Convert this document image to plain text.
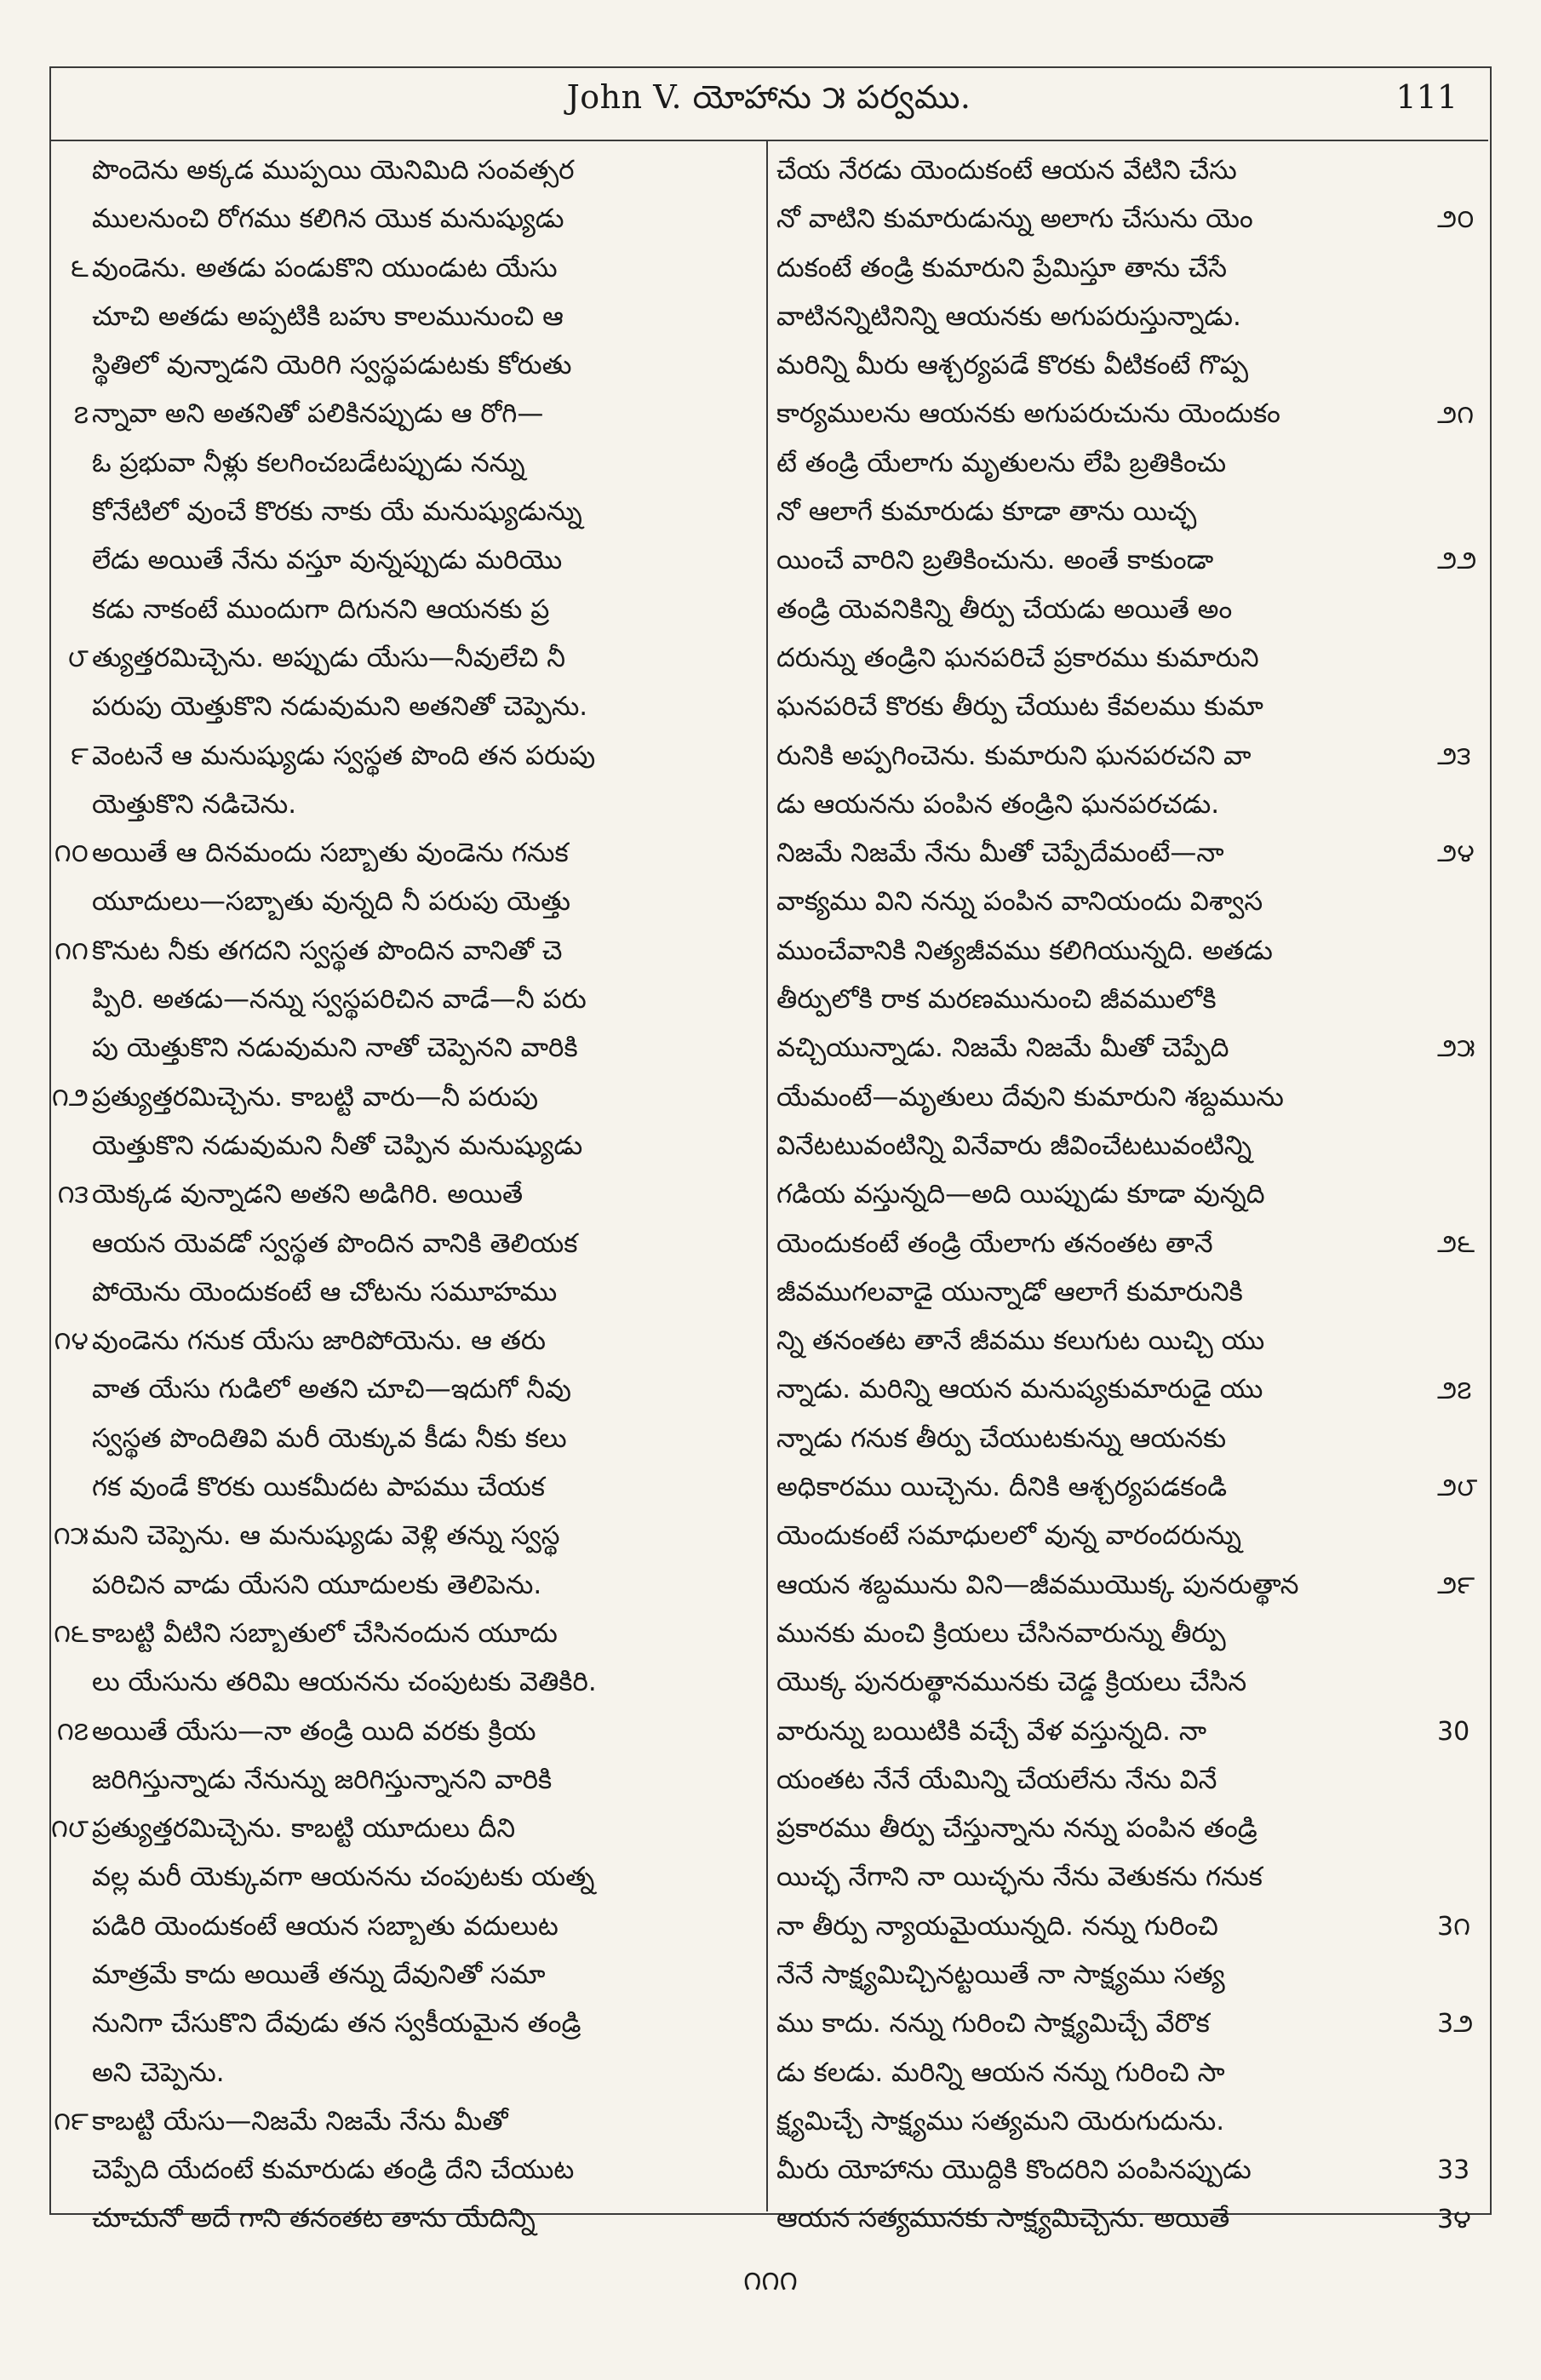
John V. యోహాను ౫ పర్వము.	111
పొందెను అక్కడ ముప్పయి యెనిమిది సంవత్సర
ములనుంచి రోగము కలిగిన యొక మనుష్యుడు
వుండెను. అతడు పండుకొని యుండుట యేసు
చూచి అతడు అప్పటికి బహు కాలమునుంచి ఆ
స్థితిలో వున్నాడని యెరిగి స్వస్థపడుటకు కోరుతు
న్నావా అని అతనితో పలికినప్పుడు ఆ రోగి—
ఓ ప్రభువా నీళ్లు కలగించబడేటప్పుడు నన్ను
కోనేటిలో వుంచే కొరకు నాకు యే మనుష్యుడున్ను
లేడు అయితే నేను వస్తూ వున్నప్పుడు మరియొ
కడు నాకంటే ముందుగా దిగునని ఆయనకు ప్ర
త్యుత్తరమిచ్చెను. అప్పుడు యేసు—నీవులేచి నీ
పరుపు యెత్తుకొని నడువుమని అతనితో చెప్పెను.
వెంటనే ఆ మనుష్యుడు స్వస్థత పొంది తన పరుపు
యెత్తుకొని నడిచెను.
అయితే ఆ దినమందు సబ్బాతు వుండెను గనుక
యూదులు—సబ్బాతు వున్నది నీ పరుపు యెత్తు
కొనుట నీకు తగదని స్వస్థత పొందిన వానితో చె
ప్పిరి. అతడు—నన్ను స్వస్థపరిచిన వాడే—నీ పరు
పు యెత్తుకొని నడువుమని నాతో చెప్పెనని వారికి
ప్రత్యుత్తరమిచ్చెను. కాబట్టి వారు—నీ పరుపు
యెత్తుకొని నడువుమని నీతో చెప్పిన మనుష్యుడు
యెక్కడ వున్నాడని అతని అడిగిరి. అయితే
ఆయన యెవడో స్వస్థత పొందిన వానికి తెలియక
పోయెను యెందుకంటే ఆ చోటను సమూహము
వుండెను గనుక యేసు జారిపోయెను. ఆ తరు
వాత యేసు గుడిలో అతని చూచి—ఇదుగో నీవు
స్వస్థత పొందితివి మరీ యెక్కువ కీడు నీకు కలు
గక వుండే కొరకు యికమీదట పాపము చేయక
మని చెప్పెను. ఆ మనుష్యుడు వెళ్లి తన్ను స్వస్థ
పరిచిన వాడు యేసని యూదులకు తెలిపెను.
కాబట్టి వీటిని సబ్బాతులో చేసినందున యూదు
లు యేసును తరిమి ఆయనను చంపుటకు వెతికిరి.
అయితే యేసు—నా తండ్రి యిది వరకు క్రియ
జరిగిస్తున్నాడు నేనున్ను జరిగిస్తున్నానని వారికి
ప్రత్యుత్తరమిచ్చెను. కాబట్టి యూదులు దీని
వల్ల మరీ యెక్కువగా ఆయనను చంపుటకు యత్న
పడిరి యెందుకంటే ఆయన సబ్బాతు వదులుట
మాత్రమే కాదు అయితే తన్ను దేవునితో సమా
నునిగా చేసుకొని దేవుడు తన స్వకీయమైన తండ్రి
అని చెప్పెను.
కాబట్టి యేసు—నిజమే నిజమే నేను మీతో
చెప్పేది యేదంటే కుమారుడు తండ్రి దేని చేయుట
చూచునో అదే గాని తనంతట తాను యేదిన్ని
చేయ నేరడు యెందుకంటే ఆయన వేటిని చేసు
నో వాటిని కుమారుడున్ను అలాగు చేసును యెం
దుకంటే తండ్రి కుమారుని ప్రేమిస్తూ తాను చేసే
వాటినన్నిటినిన్ని ఆయనకు అగుపరుస్తున్నాడు.
మరిన్ని మీరు ఆశ్చర్యపడే కొరకు వీటికంటే గొప్ప
కార్యములను ఆయనకు అగుపరుచును యెందుకం
టే తండ్రి యేలాగు మృతులను లేపి బ్రతికించు
నో ఆలాగే కుమారుడు కూడా తాను యిచ్ఛ
యించే వారిని బ్రతికించును. అంతే కాకుండా
తండ్రి యెవనికిన్ని తీర్పు చేయడు అయితే అం
దరున్ను తండ్రిని ఘనపరిచే ప్రకారము కుమారుని
ఘనపరిచే కొరకు తీర్పు చేయుట కేవలము కుమా
రునికి అప్పగించెను. కుమారుని ఘనపరచని వా
డు ఆయనను పంపిన తండ్రిని ఘనపరచడు.
నిజమే నిజమే నేను మీతో చెప్పేదేమంటే—నా
వాక్యము విని నన్ను పంపిన వానియందు విశ్వాస
ముంచేవానికి నిత్యజీవము కలిగియున్నది. అతడు
తీర్పులోకి రాక మరణమునుంచి జీవములోకి
వచ్చియున్నాడు. నిజమే నిజమే మీతో చెప్పేది
యేమంటే—మృతులు దేవుని కుమారుని శబ్దమును
వినేటటువంటిన్ని వినేవారు జీవించేటటువంటిన్ని
గడియ వస్తున్నది—అది యిప్పుడు కూడా వున్నది
యెందుకంటే తండ్రి యేలాగు తనంతట తానే
జీవముగలవాడై యున్నాడో ఆలాగే కుమారునికి
న్ని తనంతట తానే జీవము కలుగుట యిచ్చి యు
న్నాడు. మరిన్ని ఆయన మనుష్యకుమారుడై యు
న్నాడు గనుక తీర్పు చేయుటకున్ను ఆయనకు
అధికారము యిచ్చెను. దీనికి ఆశ్చర్యపడకండి
యెందుకంటే సమాధులలో వున్న వారందరున్ను
ఆయన శబ్దమును విని—జీవముయొక్క పునరుత్థాన
మునకు మంచి క్రియలు చేసినవారున్ను తీర్పు
యొక్క పునరుత్థానమునకు చెడ్డ క్రియలు చేసిన
వారున్ను బయిటికి వచ్చే వేళ వస్తున్నది. నా
యంతట నేనే యేమిన్ని చేయలేను నేను వినే
ప్రకారము తీర్పు చేస్తున్నాను నన్ను పంపిన తండ్రి
యిచ్ఛ నేగాని నా యిచ్ఛను నేను వెతుకను గనుక
నా తీర్పు న్యాయమైయున్నది. నన్ను గురించి
నేనే సాక్ష్యమిచ్చినట్టయితే నా సాక్ష్యము సత్య
ము కాదు. నన్ను గురించి సాక్ష్యమిచ్చే వేరొక
డు కలడు. మరిన్ని ఆయన నన్ను గురించి సా
క్ష్యమిచ్చే సాక్ష్యము సత్యమని యెరుగుదును.
మీరు యోహాను యొద్దికి కొందరిని పంపినప్పుడు
ఆయన సత్యమునకు సాక్ష్యమిచ్చెను. అయితే
౬
౭
౮
౯
౧౦
౧౧
౧౨
౧౩
౧౪
౧౫
౧౬
౧౭
౧౮
౧౯
౨౦
౨౧
౨౨
౨౩
౨౪
౨౫
౨౬
౨౭
౨౮
౨౯
30
3౧
3౨
33
3౪
౧౧౧
